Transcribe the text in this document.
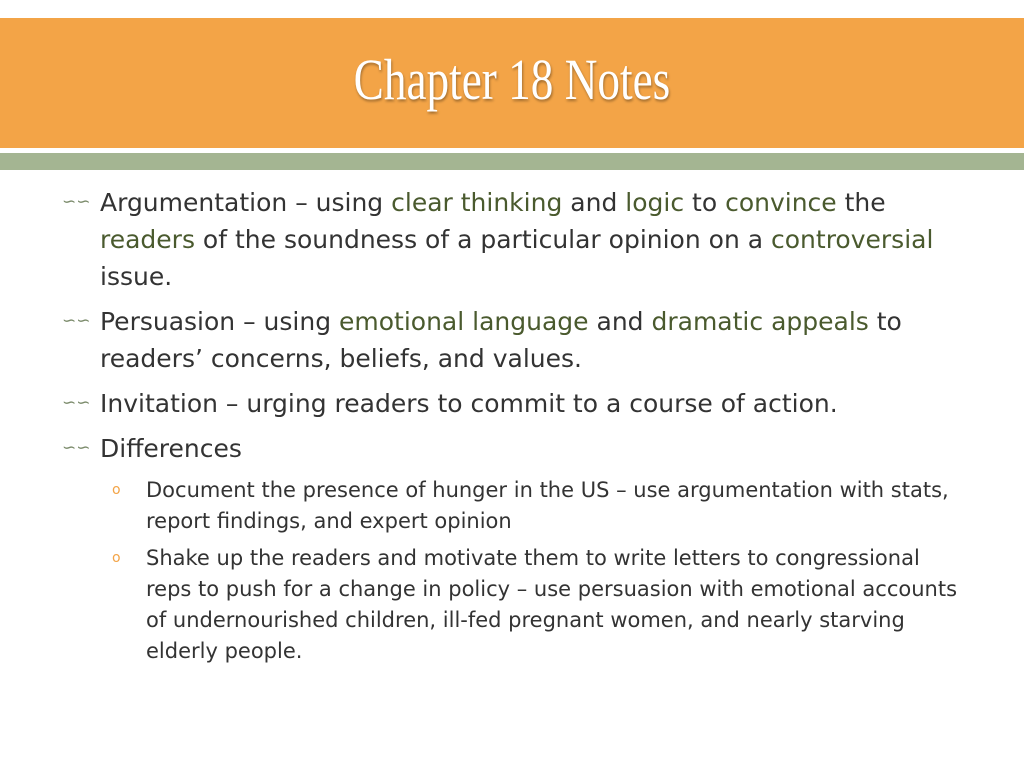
Chapter 18 Notes
∽∽ Argumentation – using clear thinking and logic to convince the readers of the soundness of a particular opinion on a controversial issue.
∽∽ Persuasion – using emotional language and dramatic appeals to readers’ concerns, beliefs, and values.
∽∽ Invitation – urging readers to commit to a course of action.
∽∽ Differences
o Document the presence of hunger in the US – use argumentation with stats, report findings, and expert opinion
o Shake up the readers and motivate them to write letters to congressional reps to push for a change in policy – use persuasion with emotional accounts of undernourished children, ill-fed pregnant women, and nearly starving elderly people.
